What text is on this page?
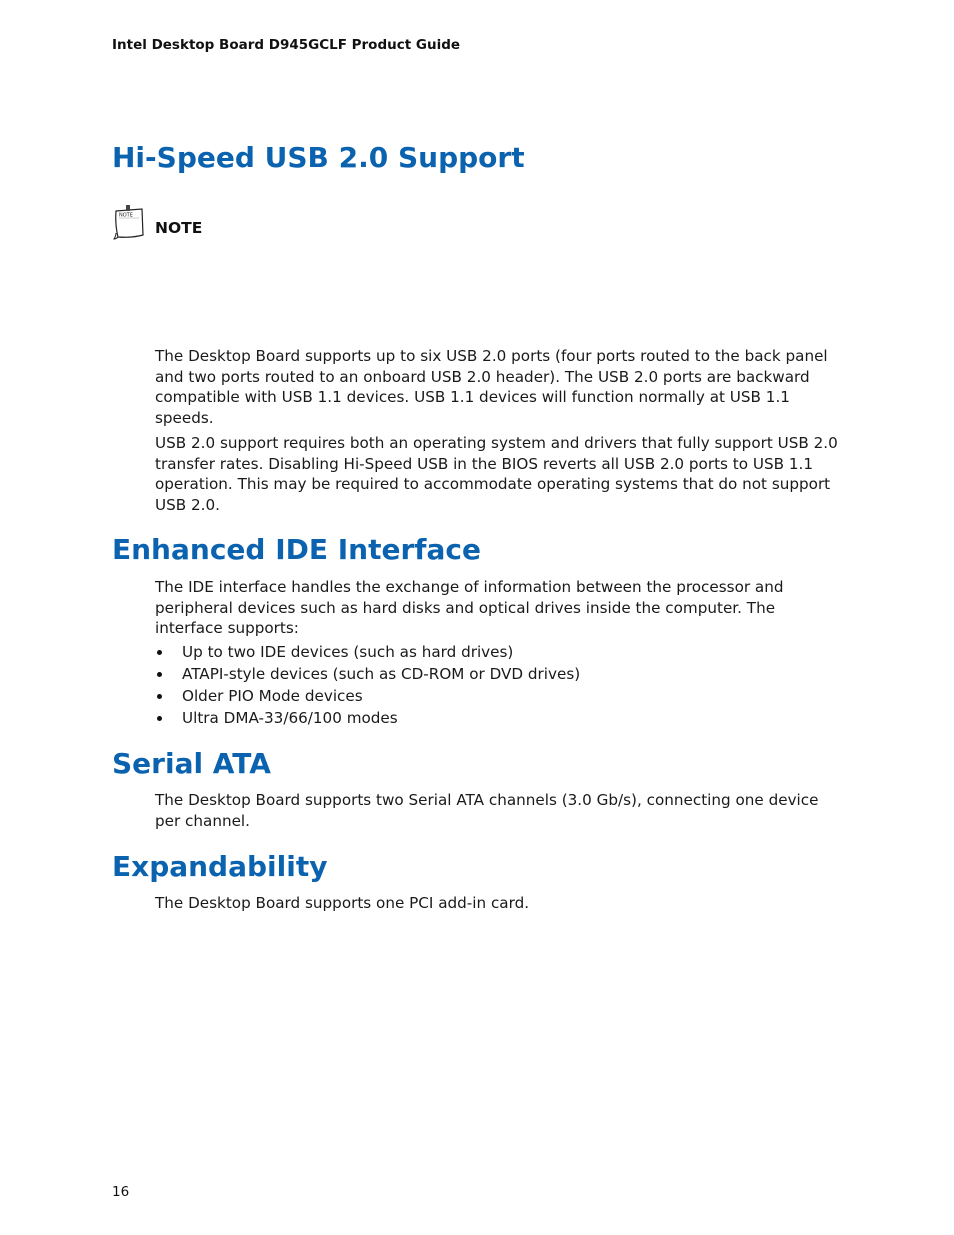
Intel Desktop Board D945GCLF Product Guide
Hi-Speed USB 2.0 Support
NOTE
NOTE

The Desktop Board supports up to six USB 2.0 ports (four ports routed to the back panel and two ports routed to an onboard USB 2.0 header). The USB 2.0 ports are backward compatible with USB 1.1 devices. USB 1.1 devices will function normally at USB 1.1 speeds.

USB 2.0 support requires both an operating system and drivers that fully support USB 2.0 transfer rates. Disabling Hi-Speed USB in the BIOS reverts all USB 2.0 ports to USB 1.1 operation. This may be required to accommodate operating systems that do not support USB 2.0.

Enhanced IDE Interface

The IDE interface handles the exchange of information between the processor and peripheral devices such as hard disks and optical drives inside the computer. The interface supports:

Up to two IDE devices (such as hard drives)
ATAPI-style devices (such as CD-ROM or DVD drives)
Older PIO Mode devices
Ultra DMA-33/66/100 modes
Serial ATA

The Desktop Board supports two Serial ATA channels (3.0 Gb/s), connecting one device per channel.

Expandability

The Desktop Board supports one PCI add-in card.

16
